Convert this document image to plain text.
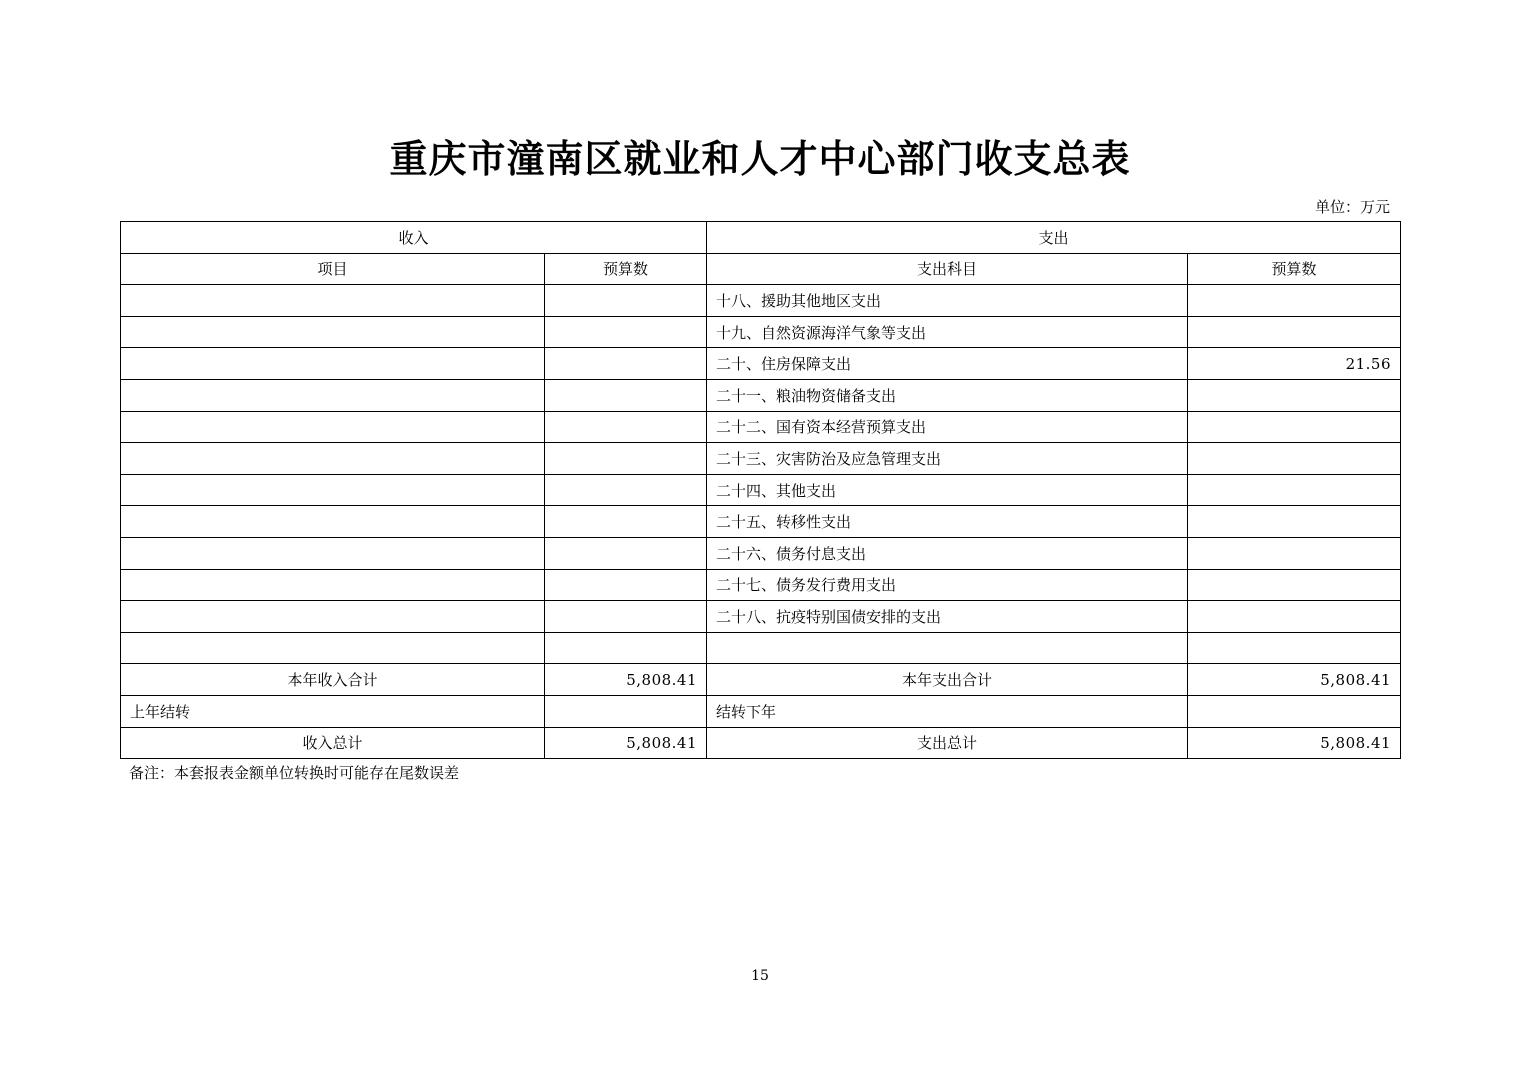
重庆市潼南区就业和人才中心部门收支总表
单位：万元
收入		支出	
项目	预算数	支出科目	预算数
		十八、援助其他地区支出	
		十九、自然资源海洋气象等支出	
		二十、住房保障支出	21.56
		二十一、粮油物资储备支出	
		二十二、国有资本经营预算支出	
		二十三、灾害防治及应急管理支出	
		二十四、其他支出	
		二十五、转移性支出	
		二十六、债务付息支出	
		二十七、债务发行费用支出	
		二十八、抗疫特别国债安排的支出	

本年收入合计	5,808.41	本年支出合计	5,808.41
上年结转		结转下年	
收入总计	5,808.41	支出总计	5,808.41
备注：本套报表金额单位转换时可能存在尾数误差
15
